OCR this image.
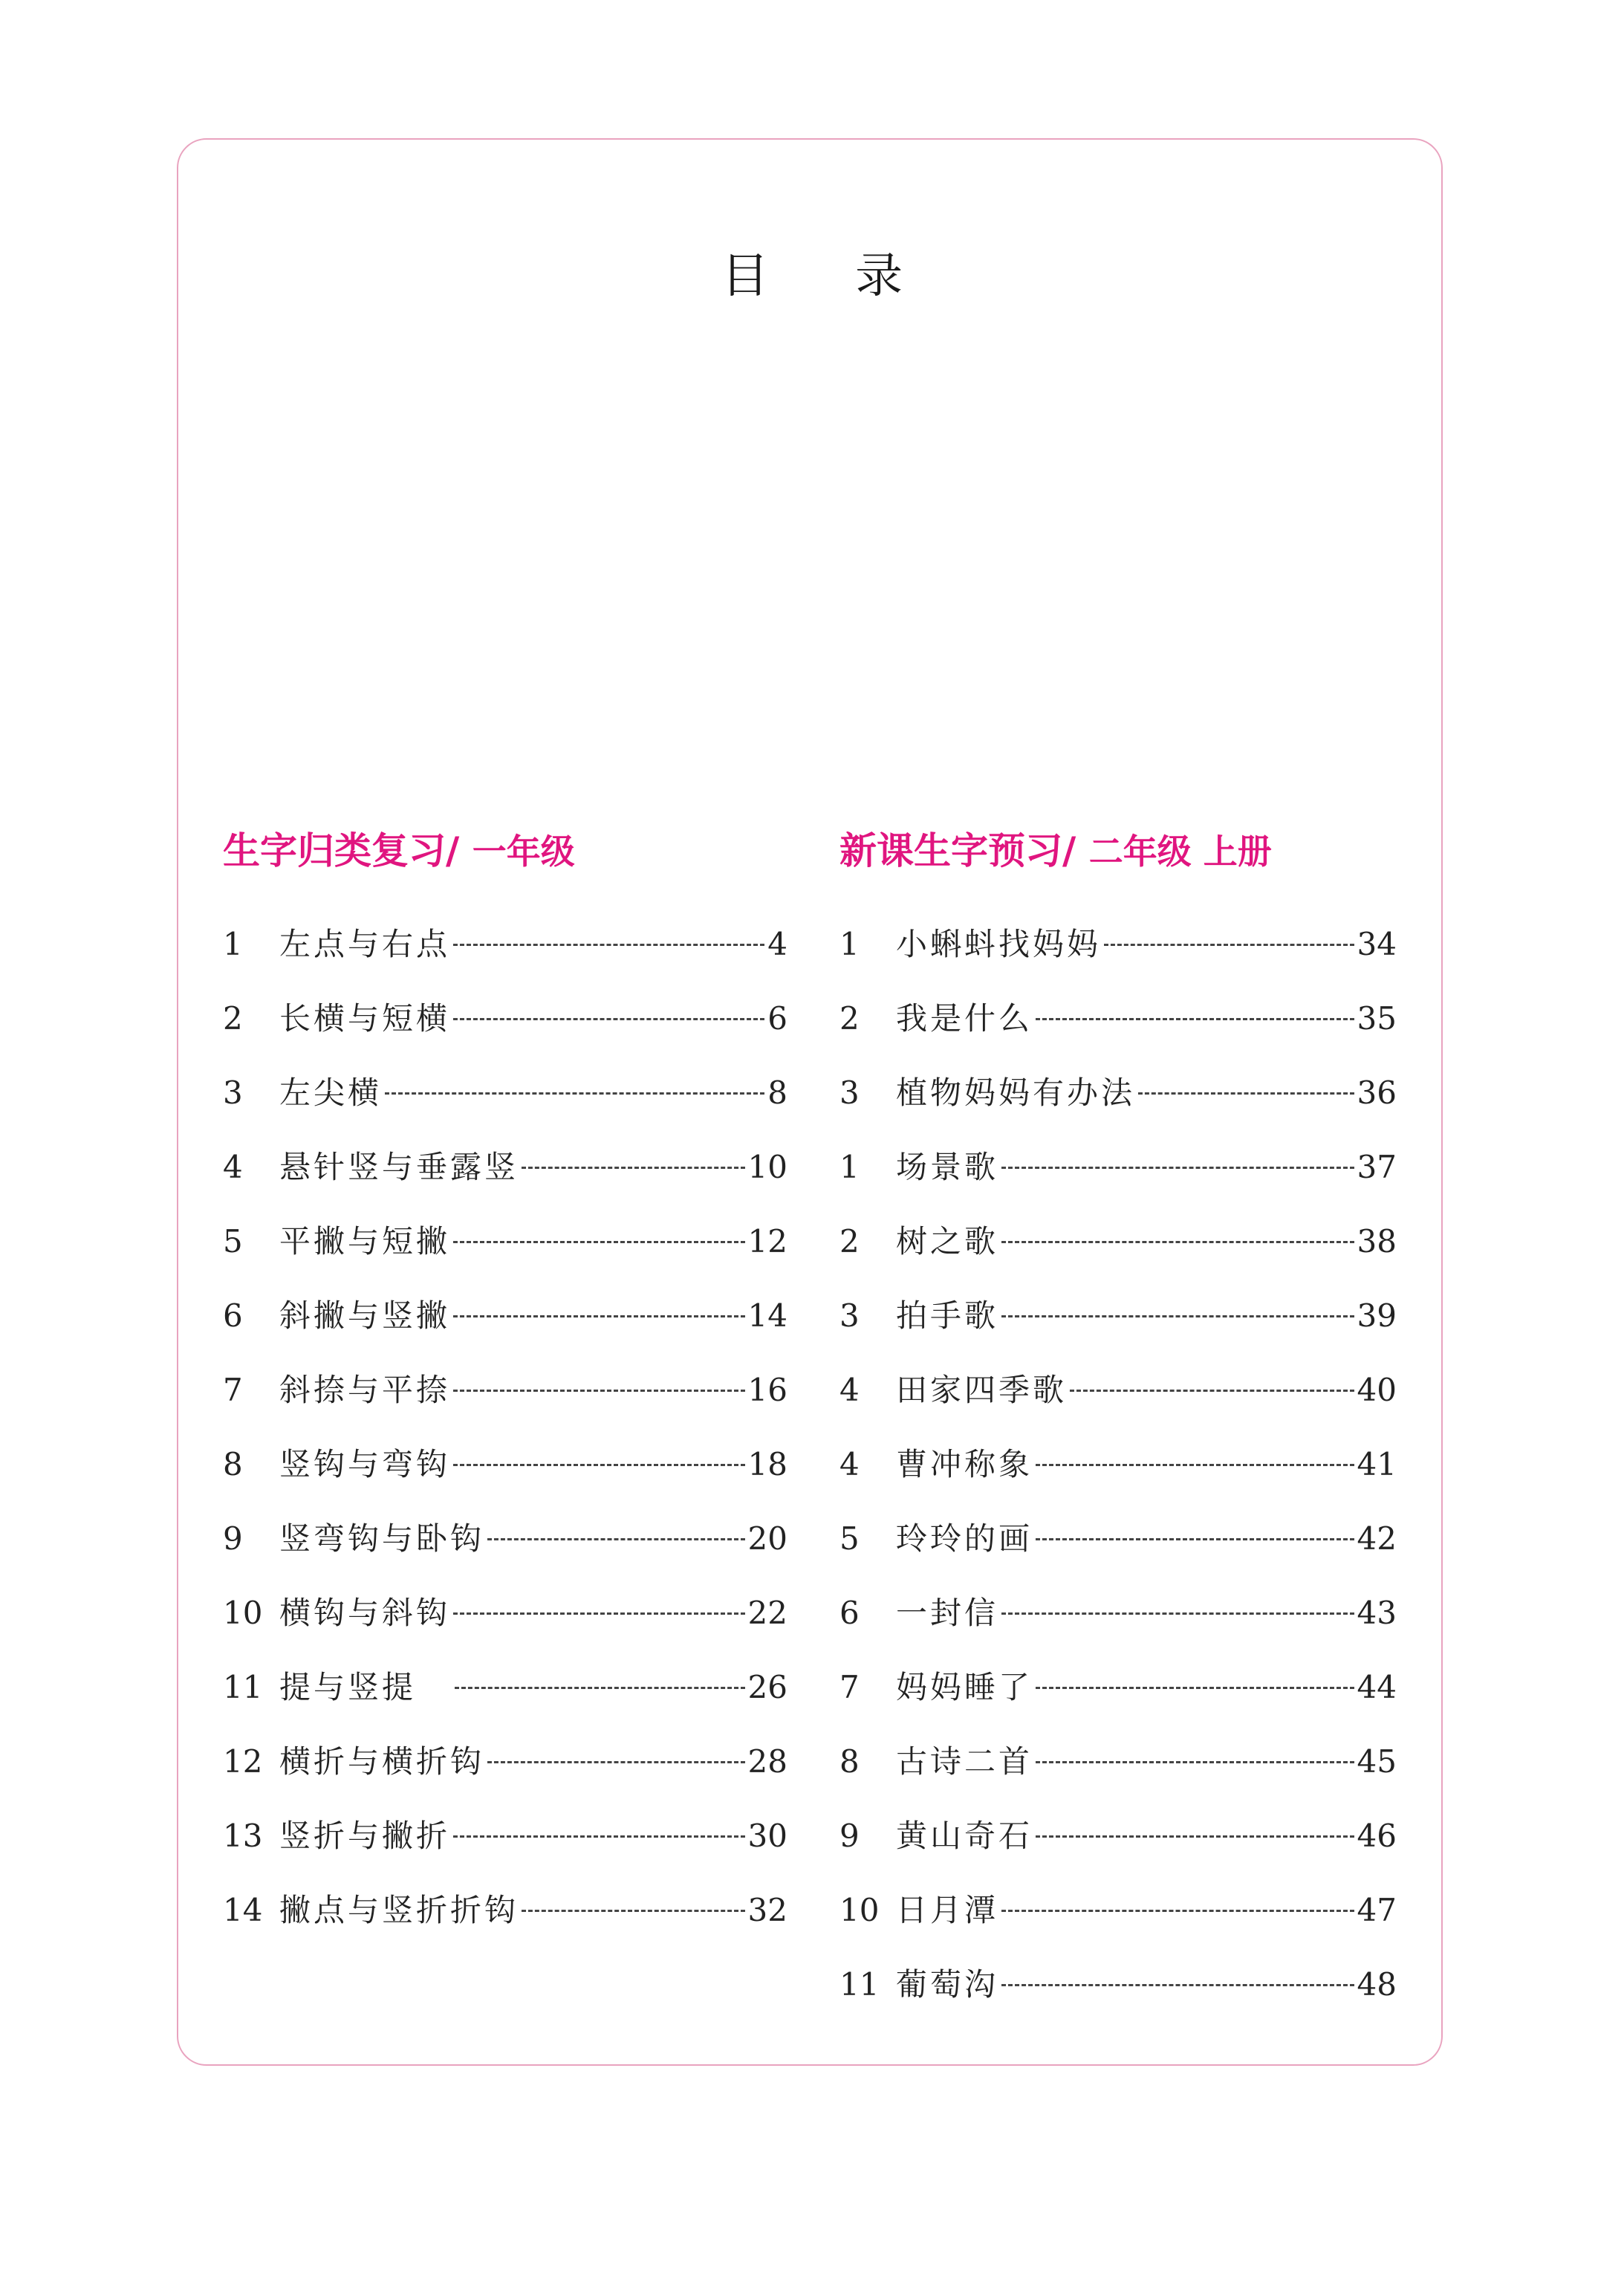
目 录
生字归类复习/ 一年级
1	左点与右点	4
2	长横与短横	6
3	左尖横	8
4	悬针竖与垂露竖	10
5	平撇与短撇	12
6	斜撇与竖撇	14
7	斜捺与平捺	16
8	竖钩与弯钩	18
9	竖弯钩与卧钩	20
10 横钩与斜钩	22
11 提与竖提	26
12 横折与横折钩	28
13 竖折与撇折	30
14 撇点与竖折折钩	32
新课生字预习/ 二年级 上册
1	小蝌蚪找妈妈	34
2	我是什么	35
3	植物妈妈有办法	36
1	场景歌	37
2	树之歌	38
3	拍手歌	39
4	田家四季歌	40
4	曹冲称象	41
5	玲玲的画	42
6	一封信	43
7	妈妈睡了	44
8	古诗二首	45
9	黄山奇石	46
10 日月潭	47
11 葡萄沟	48
